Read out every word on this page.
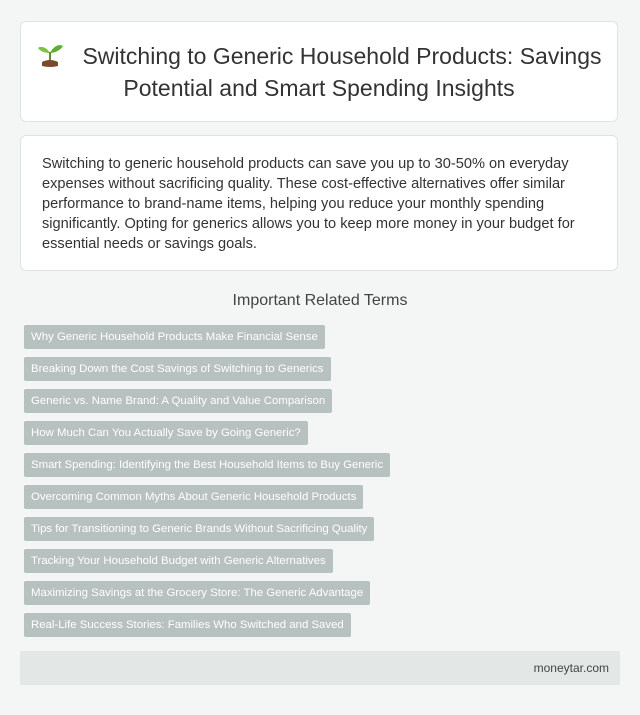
Switching to Generic Household Products: Savings Potential and Smart Spending Insights

Switching to generic household products can save you up to 30-50% on everyday expenses without sacrificing quality. These cost-effective alternatives offer similar performance to brand-name items, helping you reduce your monthly spending significantly. Opting for generics allows you to keep more money in your budget for essential needs or savings goals.

Important Related Terms
Why Generic Household Products Make Financial Sense
Breaking Down the Cost Savings of Switching to Generics
Generic vs. Name Brand: A Quality and Value Comparison
How Much Can You Actually Save by Going Generic?
Smart Spending: Identifying the Best Household Items to Buy Generic
Overcoming Common Myths About Generic Household Products
Tips for Transitioning to Generic Brands Without Sacrificing Quality
Tracking Your Household Budget with Generic Alternatives
Maximizing Savings at the Grocery Store: The Generic Advantage
Real-Life Success Stories: Families Who Switched and Saved
moneytar.com
